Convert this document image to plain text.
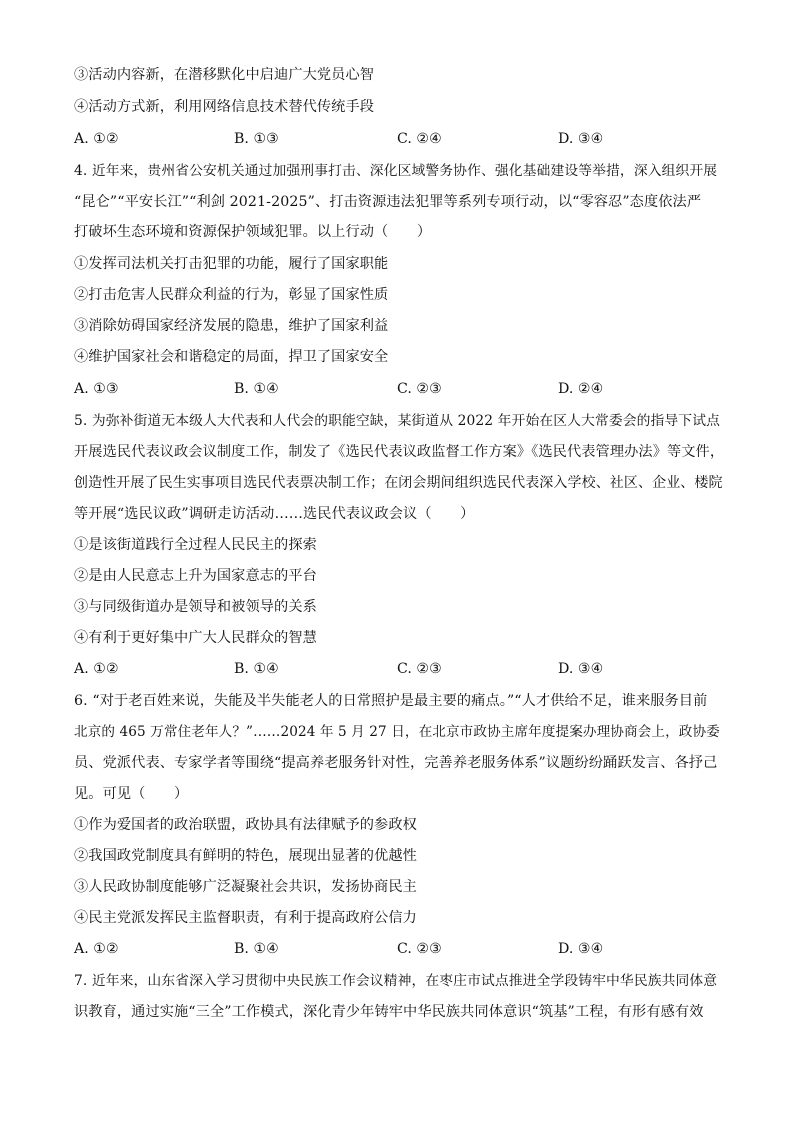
③活动内容新，在潜移默化中启迪广大党员心智
④活动方式新，利用网络信息技术替代传统手段
A. ①②	B. ①③	C. ②④	D. ③④
4. 近年来，贵州省公安机关通过加强刑事打击、深化区域警务协作、强化基础建设等举措，深入组织开展
“昆仑”“平安长江”“利剑 2021-2025”、打击资源违法犯罪等系列专项行动，以“零容忍”态度依法严
打破坏生态环境和资源保护领域犯罪。以上行动（　　）
①发挥司法机关打击犯罪的功能，履行了国家职能
②打击危害人民群众利益的行为，彰显了国家性质
③消除妨碍国家经济发展的隐患，维护了国家利益
④维护国家社会和谐稳定的局面，捍卫了国家安全
A. ①③	B. ①④	C. ②③	D. ②④
5. 为弥补街道无本级人大代表和人代会的职能空缺，某街道从 2022 年开始在区人大常委会的指导下试点
开展选民代表议政会议制度工作，制发了《选民代表议政监督工作方案》《选民代表管理办法》等文件，
创造性开展了民生实事项目选民代表票决制工作；在闭会期间组织选民代表深入学校、社区、企业、楼院
等开展“选民议政”调研走访活动……选民代表议政会议（　　）
①是该街道践行全过程人民民主的探索
②是由人民意志上升为国家意志的平台
③与同级街道办是领导和被领导的关系
④有利于更好集中广大人民群众的智慧
A. ①②	B. ①④	C. ②③	D. ③④
6. “对于老百姓来说，失能及半失能老人的日常照护是最主要的痛点。”“人才供给不足，谁来服务目前
北京的 465 万常住老年人？”……2024 年 5 月 27 日，在北京市政协主席年度提案办理协商会上，政协委
员、党派代表、专家学者等围绕“提高养老服务针对性，完善养老服务体系”议题纷纷踊跃发言、各抒己
见。可见（　　）
①作为爱国者的政治联盟，政协具有法律赋予的参政权
②我国政党制度具有鲜明的特色，展现出显著的优越性
③人民政协制度能够广泛凝聚社会共识，发扬协商民主
④民主党派发挥民主监督职责，有利于提高政府公信力
A. ①②	B. ①④	C. ②③	D. ③④
7. 近年来，山东省深入学习贯彻中央民族工作会议精神，在枣庄市试点推进全学段铸牢中华民族共同体意
识教育，通过实施“三全”工作模式，深化青少年铸牢中华民族共同体意识“筑基”工程，有形有感有效
